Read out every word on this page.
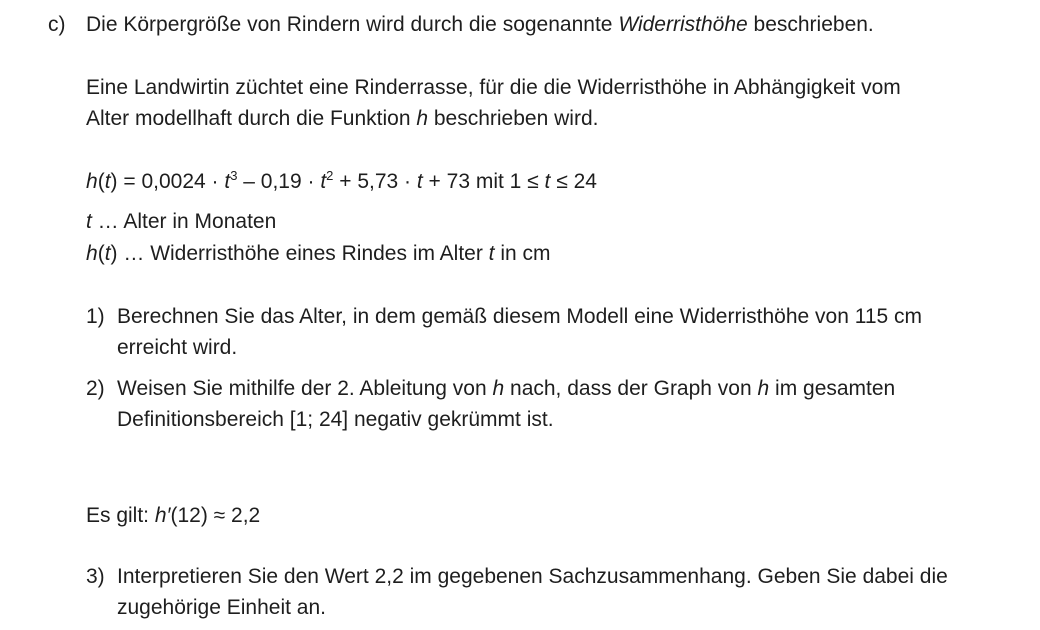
c) Die Körpergröße von Rindern wird durch die sogenannte Widerristhöhe beschrieben.
Eine Landwirtin züchtet eine Rinderrasse, für die die Widerristhöhe in Abhängigkeit vom
Alter modellhaft durch die Funktion h beschrieben wird.
$h(t) = 0,0024 \cdot t^3 - 0,19 \cdot t^2 + 5,73 \cdot t + 73$ mit 1 ≤ t ≤ 24
t … Alter in Monaten
h(t) … Widerristhöhe eines Rindes im Alter t in cm
1) Berechnen Sie das Alter, in dem gemäß diesem Modell eine Widerristhöhe von 115 cm erreicht wird.
2) Weisen Sie mithilfe der 2. Ableitung von h nach, dass der Graph von h im gesamten Definitionsbereich [1; 24] negativ gekrümmt ist.
Es gilt: h′(12) ≈ 2,2
3) Interpretieren Sie den Wert 2,2 im gegebenen Sachzusammenhang. Geben Sie dabei die zugehörige Einheit an.
